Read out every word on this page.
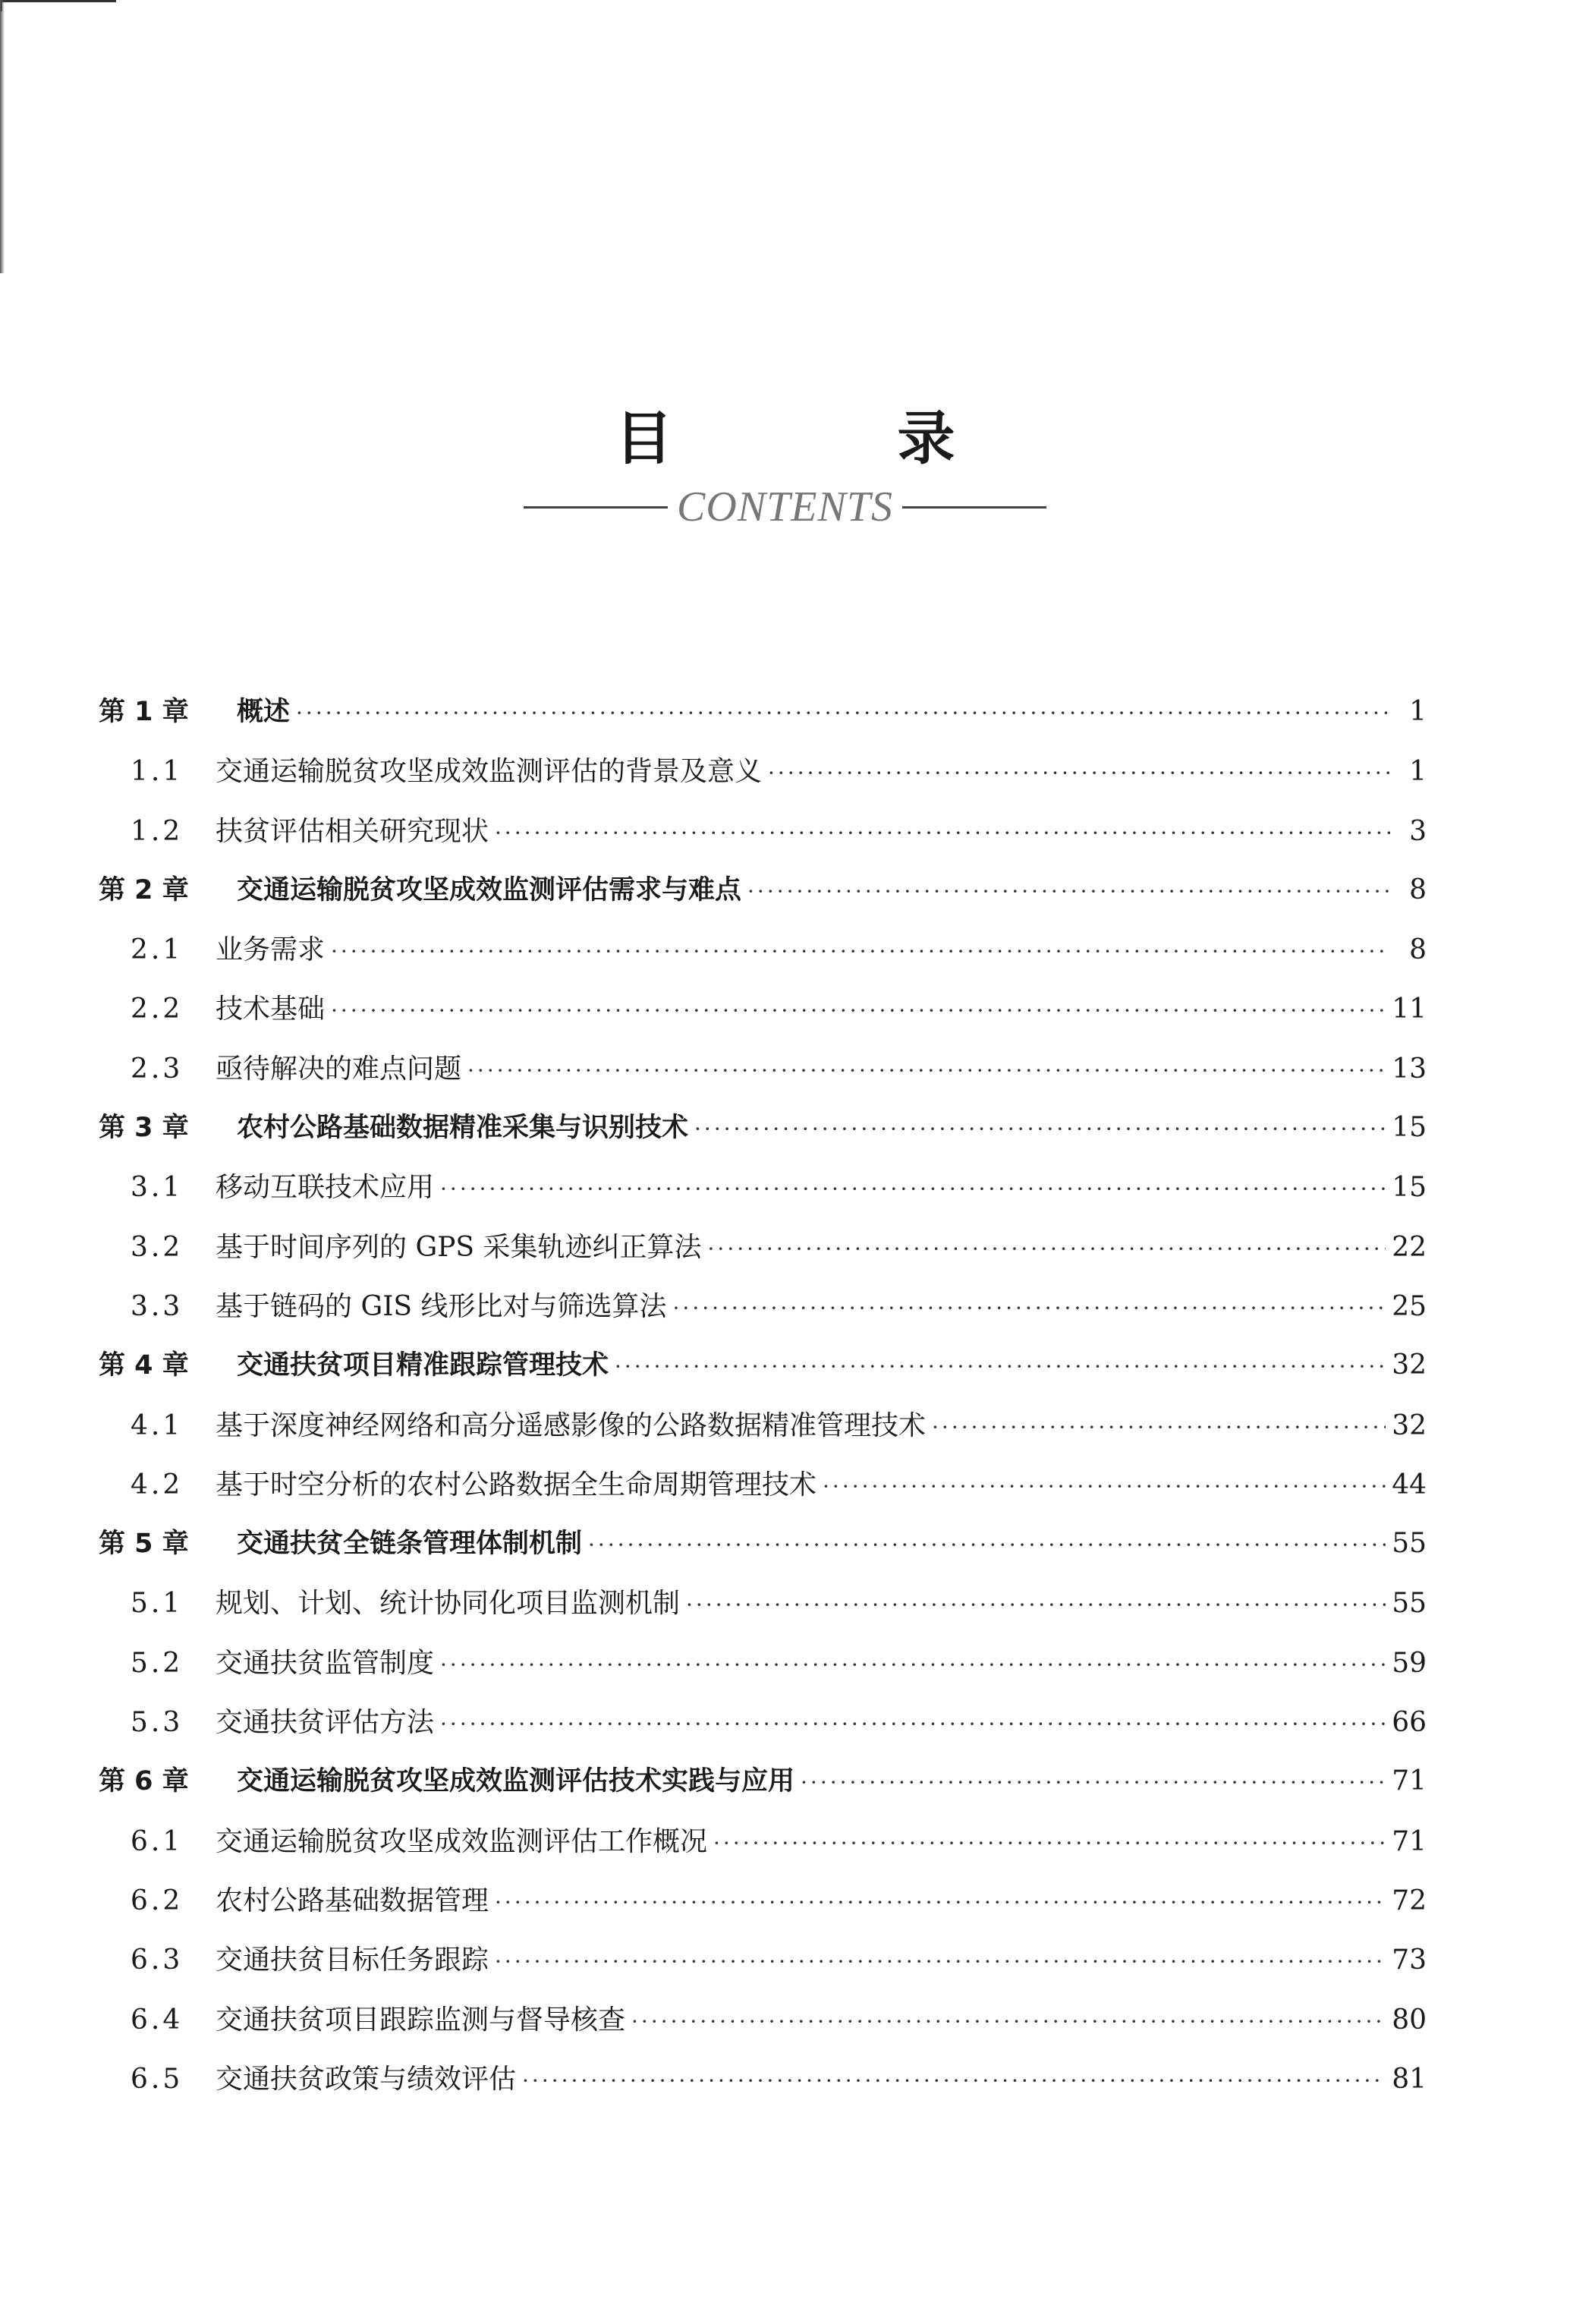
目　录
CONTENTS
第 1 章	概述 ·····	1
1.1	交通运输脱贫攻坚成效监测评估的背景及意义 ·····	1
1.2	扶贫评估相关研究现状 ·····	3
第 2 章	交通运输脱贫攻坚成效监测评估需求与难点 ·····	8
2.1	业务需求 ·····	8
2.2	技术基础 ·····	11
2.3	亟待解决的难点问题 ·····	13
第 3 章	农村公路基础数据精准采集与识别技术 ·····	15
3.1	移动互联技术应用 ·····	15
3.2	基于时间序列的 GPS 采集轨迹纠正算法 ·····	22
3.3	基于链码的 GIS 线形比对与筛选算法 ·····	25
第 4 章	交通扶贫项目精准跟踪管理技术 ·····	32
4.1	基于深度神经网络和高分遥感影像的公路数据精准管理技术 ·····	32
4.2	基于时空分析的农村公路数据全生命周期管理技术 ·····	44
第 5 章	交通扶贫全链条管理体制机制 ·····	55
5.1	规划、计划、统计协同化项目监测机制 ·····	55
5.2	交通扶贫监管制度 ·····	59
5.3	交通扶贫评估方法 ·····	66
第 6 章	交通运输脱贫攻坚成效监测评估技术实践与应用 ·····	71
6.1	交通运输脱贫攻坚成效监测评估工作概况 ·····	71
6.2	农村公路基础数据管理 ·····	72
6.3	交通扶贫目标任务跟踪 ·····	73
6.4	交通扶贫项目跟踪监测与督导核查 ·····	80
6.5	交通扶贫政策与绩效评估 ·····	81
